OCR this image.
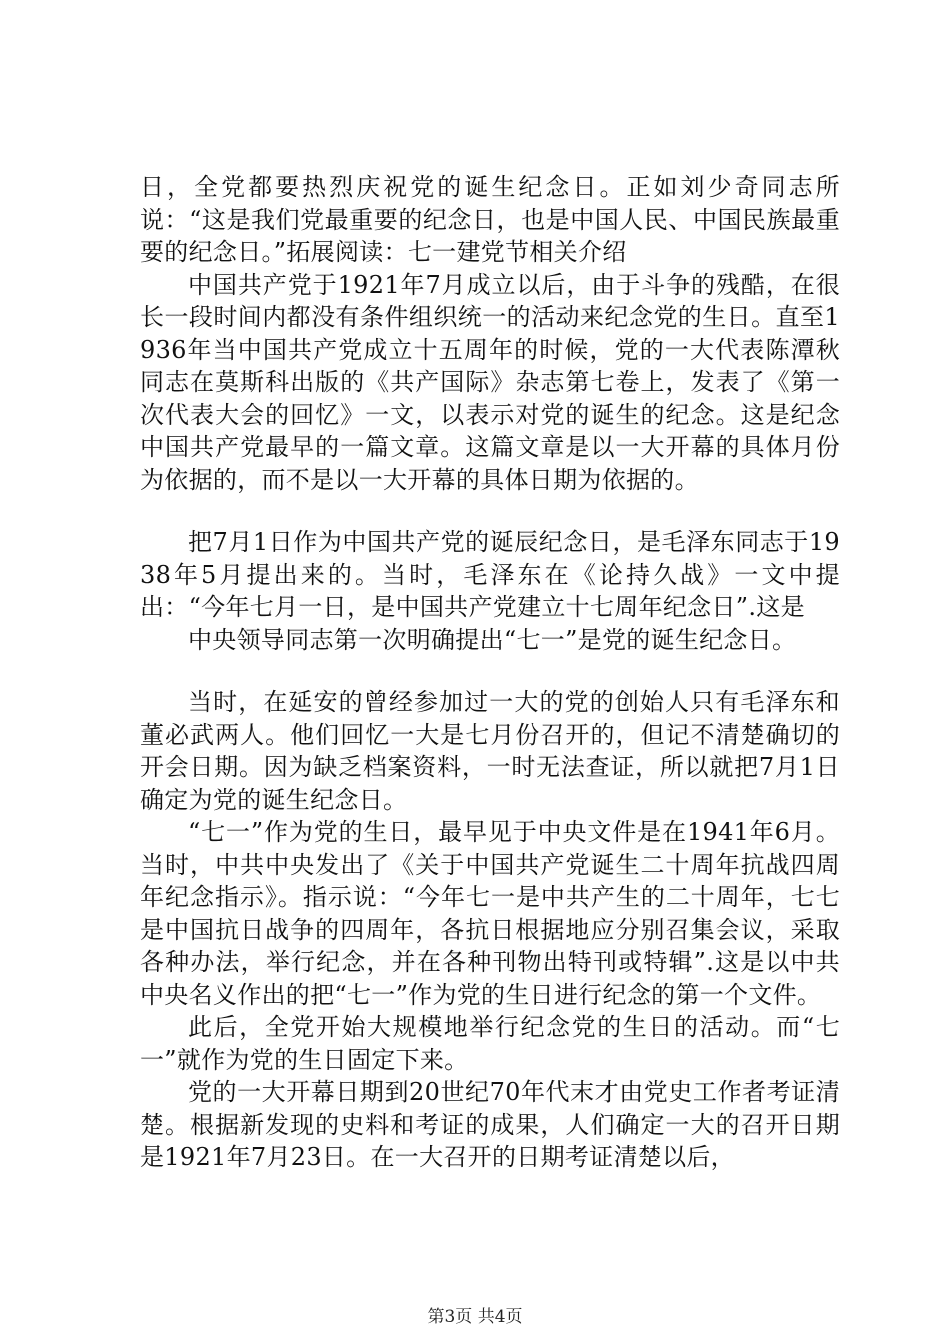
日，全党都要热烈庆祝党的诞生纪念日。正如刘少奇同志所说：“这是我们党最重要的纪念日，也是中国人民、中国民族最重要的纪念日。”拓展阅读：七一建党节相关介绍

中国共产党于1921年7月成立以后，由于斗争的残酷，在很长一段时间内都没有条件组织统一的活动来纪念党的生日。直至1936年当中国共产党成立十五周年的时候，党的一大代表陈潭秋同志在莫斯科出版的《共产国际》杂志第七卷上，发表了《第一次代表大会的回忆》一文，以表示对党的诞生的纪念。这是纪念中国共产党最早的一篇文章。这篇文章是以一大开幕的具体月份为依据的，而不是以一大开幕的具体日期为依据的。

把7月1日作为中国共产党的诞辰纪念日，是毛泽东同志于1938年5月提出来的。当时，毛泽东在《论持久战》一文中提出：“今年七月一日，是中国共产党建立十七周年纪念日”.这是

中央领导同志第一次明确提出“七一”是党的诞生纪念日。

当时，在延安的曾经参加过一大的党的创始人只有毛泽东和董必武两人。他们回忆一大是七月份召开的，但记不清楚确切的开会日期。因为缺乏档案资料，一时无法查证，所以就把7月1日确定为党的诞生纪念日。

“七一”作为党的生日，最早见于中央文件是在1941年6月。当时，中共中央发出了《关于中国共产党诞生二十周年抗战四周年纪念指示》。指示说：“今年七一是中共产生的二十周年，七七是中国抗日战争的四周年，各抗日根据地应分别召集会议，采取各种办法，举行纪念，并在各种刊物出特刊或特辑”.这是以中共中央名义作出的把“七一”作为党的生日进行纪念的第一个文件。

此后，全党开始大规模地举行纪念党的生日的活动。而“七一”就作为党的生日固定下来。

党的一大开幕日期到20世纪70年代末才由党史工作者考证清楚。根据新发现的史料和考证的成果，人们确定一大的召开日期是1921年7月23日。在一大召开的日期考证清楚以后，

第3页 共4页
